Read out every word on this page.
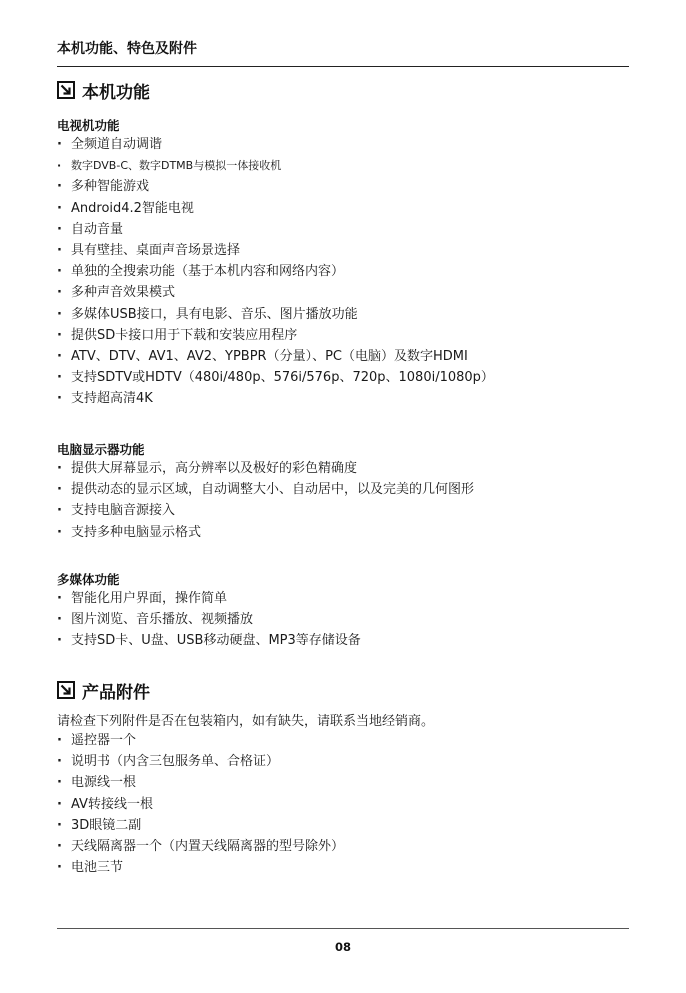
本机功能、特色及附件
本机功能
电视机功能
· 全频道自动调谐
· 数字DVB-C、数字DTMB与模拟一体接收机
· 多种智能游戏
· Android4.2智能电视
· 自动音量
· 具有壁挂、桌面声音场景选择
· 单独的全搜索功能（基于本机内容和网络内容）
· 多种声音效果模式
· 多媒体USB接口，具有电影、音乐、图片播放功能
· 提供SD卡接口用于下载和安装应用程序
· ATV、DTV、AV1、AV2、YPBPR（分量）、PC（电脑）及数字HDMI
· 支持SDTV或HDTV（480i/480p、576i/576p、720p、1080i/1080p）
· 支持超高清4K
电脑显示器功能
· 提供大屏幕显示，高分辨率以及极好的彩色精确度
· 提供动态的显示区域，自动调整大小、自动居中，以及完美的几何图形
· 支持电脑音源接入
· 支持多种电脑显示格式
多媒体功能
· 智能化用户界面，操作简单
· 图片浏览、音乐播放、视频播放
· 支持SD卡、U盘、USB移动硬盘、MP3等存储设备
产品附件
请检查下列附件是否在包装箱内，如有缺失，请联系当地经销商。
· 遥控器一个
· 说明书（内含三包服务单、合格证）
· 电源线一根
· AV转接线一根
· 3D眼镜二副
· 天线隔离器一个（内置天线隔离器的型号除外）
· 电池三节
08
